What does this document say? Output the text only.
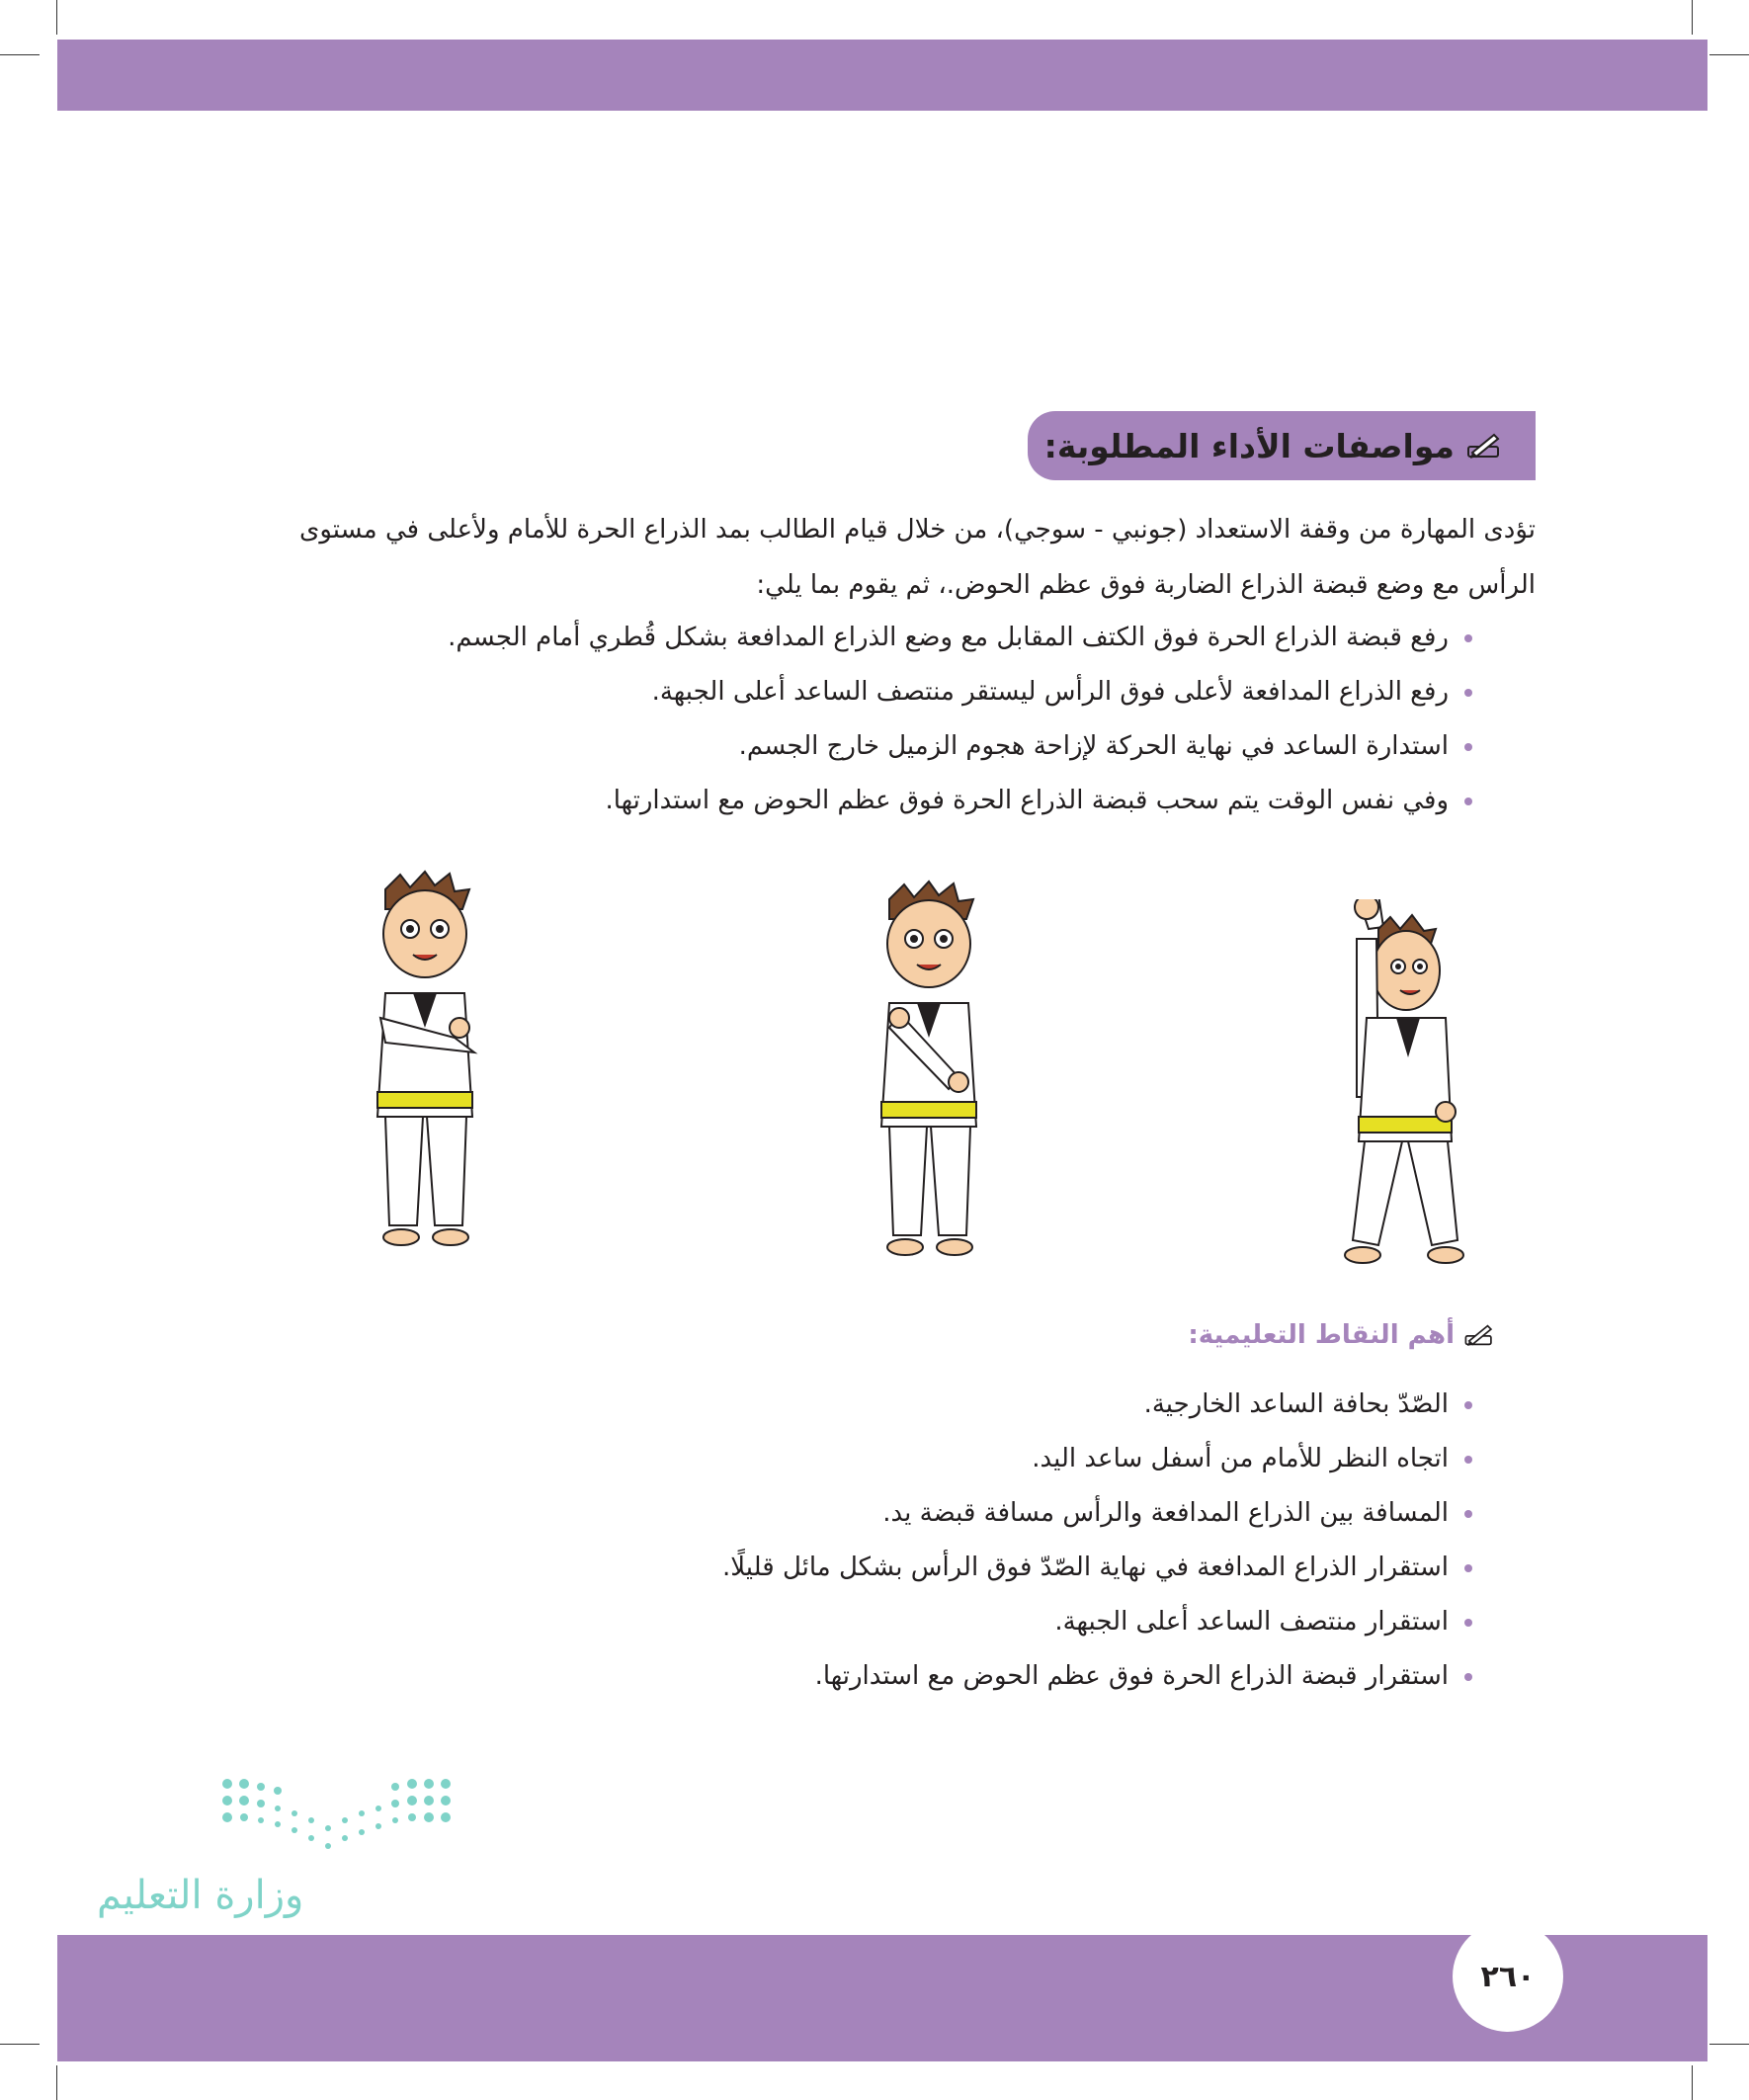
مواصفات الأداء المطلوبة:
تؤدى المهارة من وقفة الاستعداد (جونبي - سوجي)، من خلال قيام الطالب بمد الذراع الحرة للأمام ولأعلى في مستوى
الرأس مع وضع قبضة الذراع الضاربة فوق عظم الحوض.، ثم يقوم بما يلي:
رفع قبضة الذراع الحرة فوق الكتف المقابل مع وضع الذراع المدافعة بشكل قُطري أمام الجسم.
رفع الذراع المدافعة لأعلى فوق الرأس ليستقر منتصف الساعد أعلى الجبهة.
استدارة الساعد في نهاية الحركة لإزاحة هجوم الزميل خارج الجسم.
وفي نفس الوقت يتم سحب قبضة الذراع الحرة فوق عظم الحوض مع استدارتها.
أهم النقاط التعليمية:
الصّدّ بحافة الساعد الخارجية.
اتجاه النظر للأمام من أسفل ساعد اليد.
المسافة بين الذراع المدافعة والرأس مسافة قبضة يد.
استقرار الذراع المدافعة في نهاية الصّدّ فوق الرأس بشكل مائل قليلًا.
استقرار منتصف الساعد أعلى الجبهة.
استقرار قبضة الذراع الحرة فوق عظم الحوض مع استدارتها.
وزارة التعليم
٢٦٠
